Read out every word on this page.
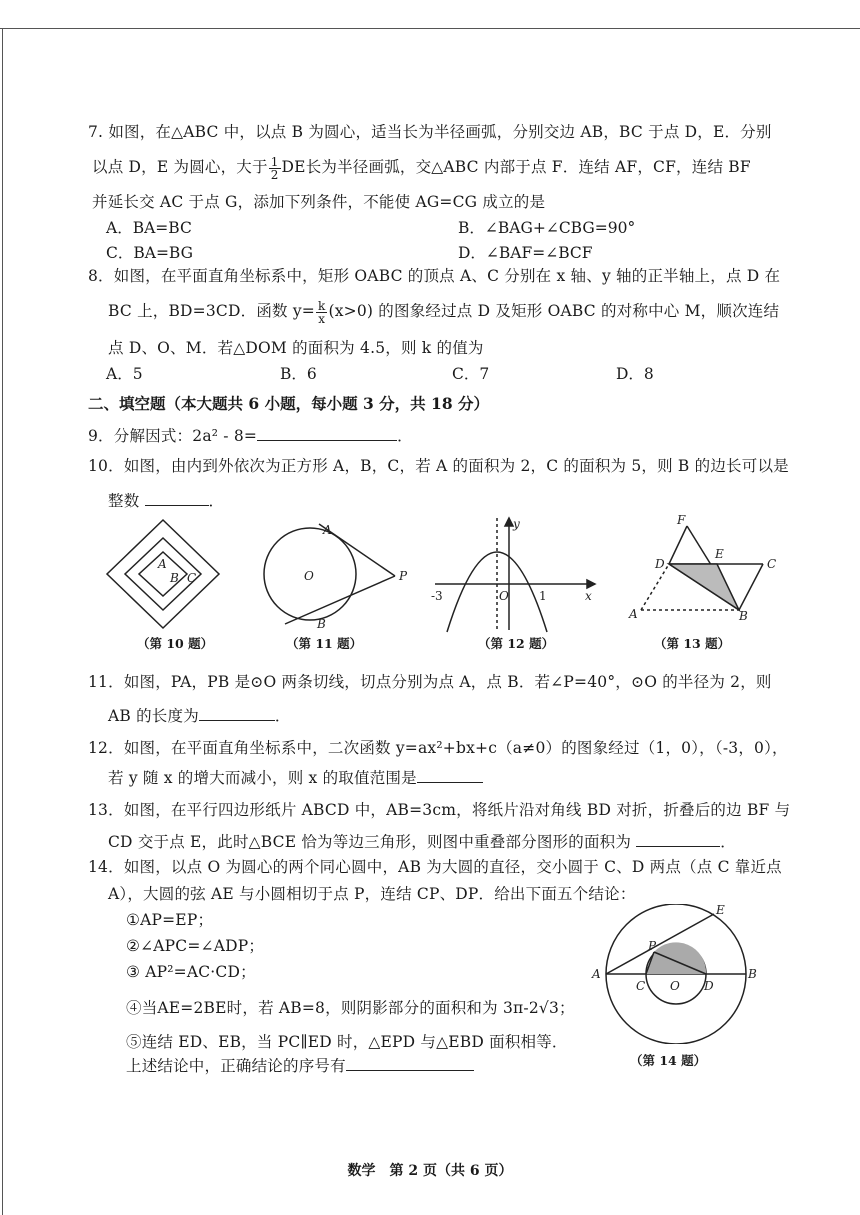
7. 如图，在△ABC 中，以点 B 为圆心，适当长为半径画弧，分别交边 AB，BC 于点 D，E．分别
以点 D，E 为圆心，大于 $\frac{1}{2}$ DE长为半径画弧，交△ABC 内部于点 F．连结 AF，CF，连结 BF
并延长交 AC 于点 G，添加下列条件，不能使 AG=CG 成立的是
A．BA=BC	B．∠BAG+∠CBG=90°
C．BA=BG	D．∠BAF=∠BCF
8．如图，在平面直角坐标系中，矩形 OABC 的顶点 A、C 分别在 x 轴、y 轴的正半轴上，点 D 在
BC 上，BD=3CD．函数 $y= \frac{k}{x} (x>0)$ 的图象经过点 D 及矩形 OABC 的对称中心 M，顺次连结
点 D、O、M．若△DOM 的面积为 4.5，则 k 的值为
A．5	B．6	C．7	D．8
二、填空题（本大题共 6 小题，每小题 3 分，共 18 分）
9．分解因式：2a² - 8=	．
10．如图，由内到外依次为正方形 A，B，C，若 A 的面积为 2，C 的面积为 5，则 B 的边长可以是
整数	．
A
B C	O
A
B
P
-3	O	1
y
x
F
E
D	C
A	B
（第 10 题）	（第 11 题）	（第 12 题）	（第 13 题）
11．如图，PA，PB 是⊙O 两条切线，切点分别为点 A，点 B．若∠P=40°，⊙O 的半径为 2，则
AB 的长度为	．
12．如图，在平面直角坐标系中，二次函数 y=ax²+bx+c（a≠0）的图象经过（1，0），（-3，0），
若 y 随 x 的增大而减小，则 x 的取值范围是
13．如图，在平行四边形纸片 ABCD 中，AB=3cm，将纸片沿对角线 BD 对折，折叠后的边 BF 与
CD 交于点 E，此时△BCE 恰为等边三角形，则图中重叠部分图形的面积为	．
14．如图，以点 O 为圆心的两个同心圆中，AB 为大圆的直径，交小圆于 C、D 两点（点 C 靠近点
A），大圆的弦 AE 与小圆相切于点 P，连结 CP、DP．给出下面五个结论：
①AP=EP；
②∠APC=∠ADP；
③ AP²=AC·CD；
④当AE=2BE时，若 AB=8，则阴影部分的面积和为 3π-2√3；
⑤连结 ED、EB，当 PC∥ED 时，△EPD 与△EBD 面积相等．
上述结论中，正确结论的序号有
A	B
E
P
C O D
（第 14 题）
数学　第 2 页（共 6 页）
